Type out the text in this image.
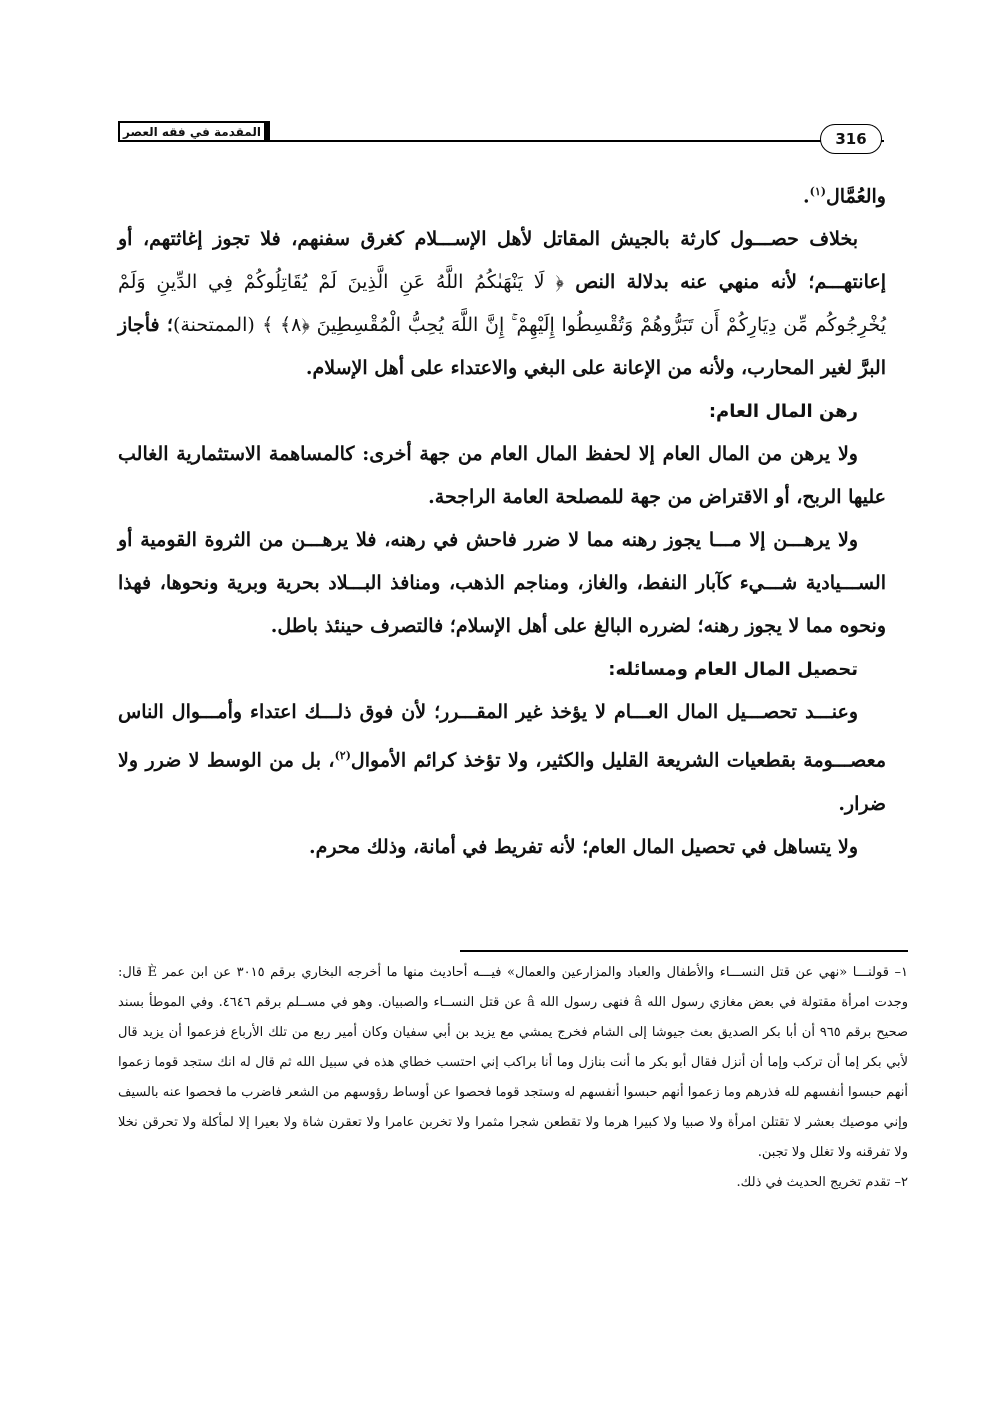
المقدمة في فقه العصر	316

والعُمَّال$^{(١)}$.

بخلاف حصـــول كارثة بالجيش المقاتل لأهل الإســـلام كغرق سفنهم، فلا تجوز إغاثتهم، أو إعانتهـــم؛ لأنه منهي عنه بدلالة النص ﴿ لَا يَنْهَىٰكُمُ اللَّهُ عَنِ الَّذِينَ لَمْ يُقَاتِلُوكُمْ فِي الدِّينِ وَلَمْ يُخْرِجُوكُم مِّن دِيَارِكُمْ أَن تَبَرُّوهُمْ وَتُقْسِطُوا إِلَيْهِمْ ۚ إِنَّ اللَّهَ يُحِبُّ الْمُقْسِطِينَ ﴿٨﴾ ﴾ (الممتحنة)؛ فأجاز البرَّ لغير المحارب، ولأنه من الإعانة على البغي والاعتداء على أهل الإسلام.

رهن المال العام:

ولا يرهن من المال العام إلا لحفظ المال العام من جهة أخرى: كالمساهمة الاستثمارية الغالب عليها الربح، أو الاقتراض من جهة للمصلحة العامة الراجحة.

ولا يرهـــن إلا مـــا يجوز رهنه مما لا ضرر فاحش في رهنه، فلا يرهـــن من الثروة القومية أو الســـيادية شـــيء كآبار النفط، والغاز، ومناجم الذهب، ومنافذ البـــلاد بحرية وبرية ونحوها، فهذا ونحوه مما لا يجوز رهنه؛ لضرره البالغ على أهل الإسلام؛ فالتصرف حينئذ باطل.

تحصيل المال العام ومسائله:

وعنـــد تحصـــيل المال العـــام لا يؤخذ غير المقـــرر؛ لأن فوق ذلـــك اعتداء وأمـــوال الناس معصـــومة بقطعيات الشريعة القليل والكثير، ولا تؤخذ كرائم الأموال$^{(٢)}$، بل من الوسط لا ضرر ولا ضرار.

ولا يتساهل في تحصيل المال العام؛ لأنه تفريط في أمانة، وذلك محرم.

١– قولنـــا «نهي عن قتل النســـاء والأطفال والعباد والمزارعين والعمال» فيـــه أحاديث منها ما أخرجه البخاري برقم ٣٠١٥ عن ابن عمر È قال: وجدت امرأة مقتولة في بعض مغازي رسول الله â فنهى رسول الله â عن قتل النســاء والصبيان. وهو في مســلم برقم ٤٦٤٦. وفي الموطأ بسند صحيح برقم ٩٦٥ أن أبا بكر الصديق بعث جيوشا إلى الشام فخرج يمشي مع يزيد بن أبي سفيان وكان أمير ربع من تلك الأرباع فزعموا أن يزيد قال لأبي بكر إما أن تركب وإما أن أنزل فقال أبو بكر ما أنت بنازل وما أنا براكب إني احتسب خطاي هذه في سبيل الله ثم قال له انك ستجد قوما زعموا أنهم حبسوا أنفسهم لله فذرهم وما زعموا أنهم حبسوا أنفسهم له وستجد قوما فحصوا عن أوساط رؤوسهم من الشعر فاضرب ما فحصوا عنه بالسيف وإني موصيك بعشر لا تقتلن امرأة ولا صبيا ولا كبيرا هرما ولا تقطعن شجرا مثمرا ولا تخربن عامرا ولا تعقرن شاة ولا بعيرا إلا لمأكلة ولا تحرقن نخلا ولا تفرقنه ولا تغلل ولا تجبن.

٢– تقدم تخريج الحديث في ذلك.
